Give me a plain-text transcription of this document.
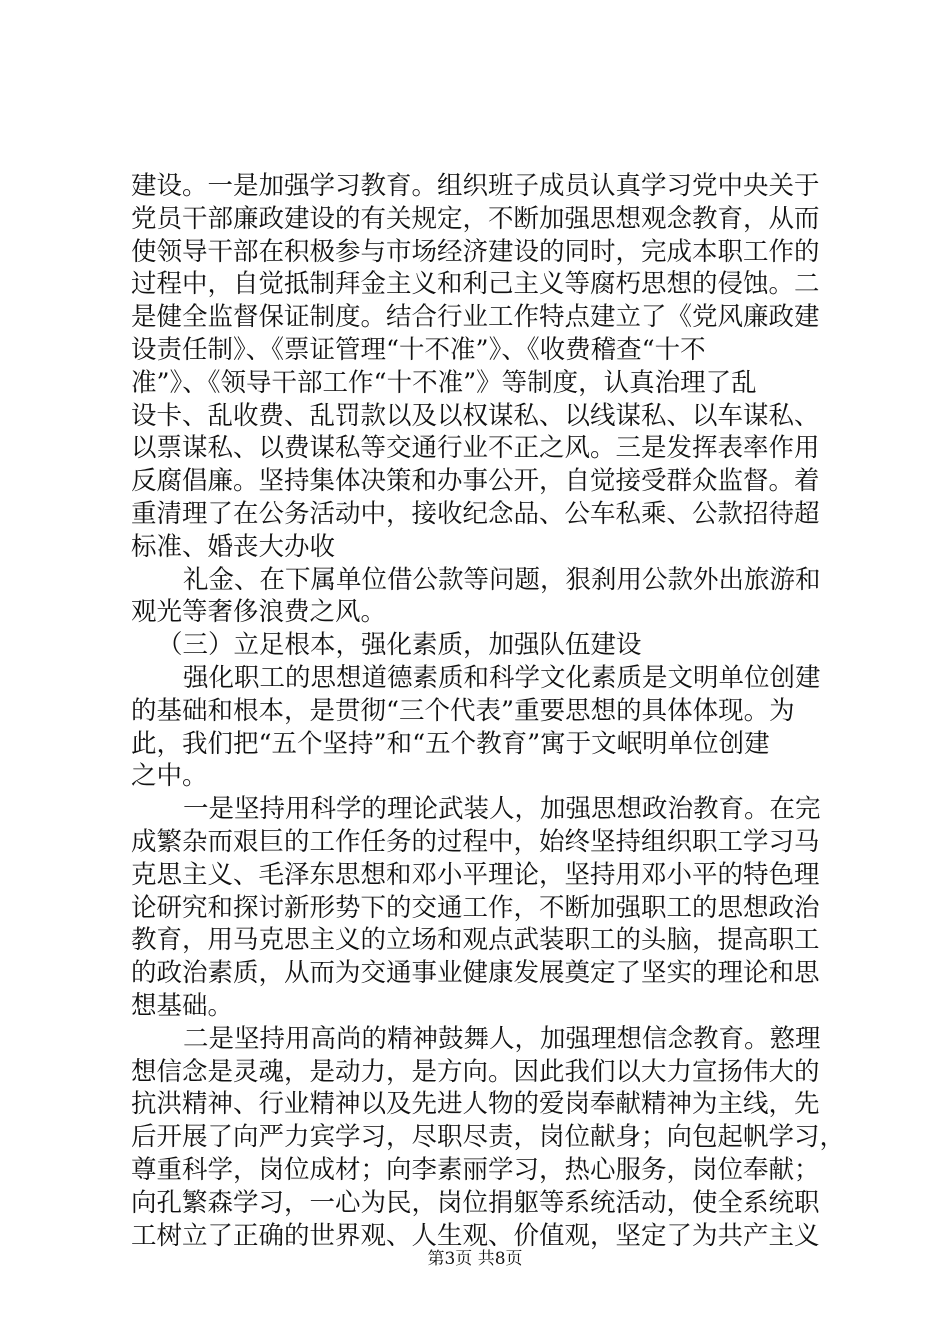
建设。一是加强学习教育。组织班子成员认真学习党中央关于
党员干部廉政建设的有关规定，不断加强思想观念教育，从而
使领导干部在积极参与市场经济建设的同时，完成本职工作的
过程中，自觉抵制拜金主义和利己主义等腐朽思想的侵蚀。二
是健全监督保证制度。结合行业工作特点建立了《党风廉政建
设责任制》、《票证管理“十不准”》、《收费稽查“十不
准”》、《领导干部工作“十不准”》等制度，认真治理了乱
设卡、乱收费、乱罚款以及以权谋私、以线谋私、以车谋私、
以票谋私、以费谋私等交通行业不正之风。三是发挥表率作用
反腐倡廉。坚持集体决策和办事公开，自觉接受群众监督。着
重清理了在公务活动中，接收纪念品、公车私乘、公款招待超
标准、婚丧大办收
礼金、在下属单位借公款等问题，狠刹用公款外出旅游和
观光等奢侈浪费之风。
（三）立足根本，强化素质，加强队伍建设
强化职工的思想道德素质和科学文化素质是文明单位创建
的基础和根本，是贯彻“三个代表”重要思想的具体体现。为
此，我们把“五个坚持”和“五个教育”寓于文岷明单位创建
之中。
一是坚持用科学的理论武装人，加强思想政治教育。在完
成繁杂而艰巨的工作任务的过程中，始终坚持组织职工学习马
克思主义、毛泽东思想和邓小平理论，坚持用邓小平的特色理
论研究和探讨新形势下的交通工作，不断加强职工的思想政治
教育，用马克思主义的立场和观点武装职工的头脑，提高职工
的政治素质，从而为交通事业健康发展奠定了坚实的理论和思
想基础。
二是坚持用高尚的精神鼓舞人，加强理想信念教育。憝理
想信念是灵魂，是动力，是方向。因此我们以大力宣扬伟大的
抗洪精神、行业精神以及先进人物的爱岗奉献精神为主线，先
后开展了向严力宾学习，尽职尽责，岗位献身；向包起帆学习，
尊重科学，岗位成材；向李素丽学习，热心服务，岗位奉献；
向孔繁森学习，一心为民，岗位捐躯等系统活动，使全系统职
工树立了正确的世界观、人生观、价值观，坚定了为共产主义
第3页 共8页
